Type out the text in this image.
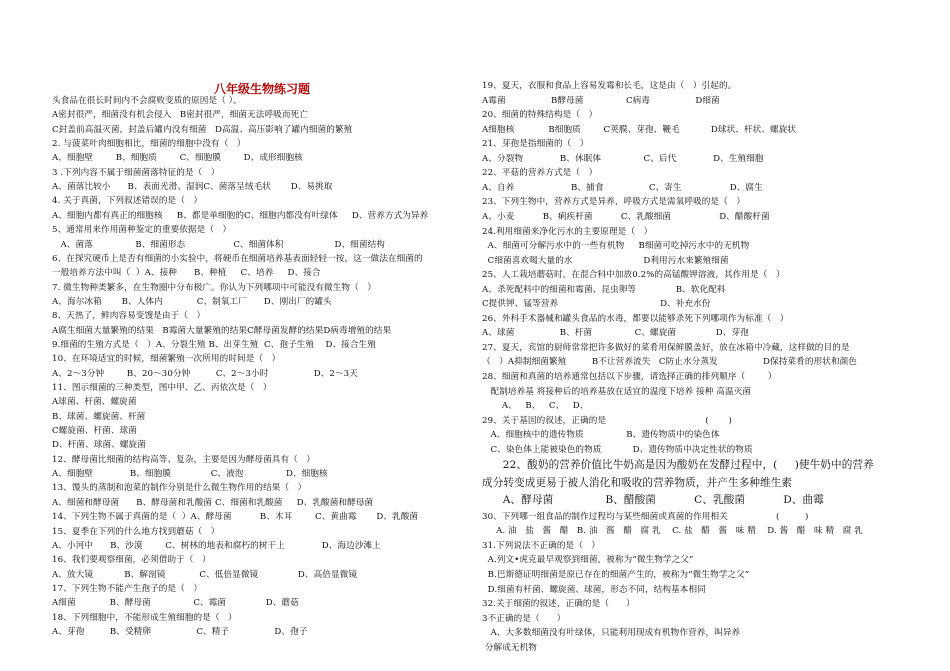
八年级生物练习题
头食品在很长时间内不会腐败变质的原因是（ ）。
A密封很严，细菌没有机会侵入   B密封很严，细菌无法呼吸而死亡
C封盖前高温灭菌，封盖后罐内没有细菌   D高温、高压影响了罐内细菌的繁殖
2. 与菠菜叶肉细胞相比，细菌的细胞中没有（   ）
A、细胞壁        B、细胞质        C、细胞膜        D、成形细胞核
3 .下列内容不属于细菌菌落特征的是（   ）
A、菌落比较小      B、表面光滑、湿润C、菌落呈绒毛状       D、易挑取
4. 关于真菌，下列叙述错误的是（   ）
A、细胞内都有真正的细胞核     B、都是单细胞的C、细胞内都没有叶绿体     D、营养方式为异养
5、通常用来作用菌种鉴定的重要依据是（   ）
A、菌落               B、细菌形态                 C、细菌体积                  D、细菌结构
6、在探究硬币上是否有细菌的小实验中，将硬币在细菌培养基表面轻轻一按，这一做法在细菌的
一般培养方法中叫（  ）A、接种      B、种植     C、培养     D、接合
7. 微生物种类繁多，在生物圈中分布极广。你认为下列哪项中可能没有微生物（   ）
A、海尔冰箱       B、人体内            C、制氧工厂      D、刚出厂的罐头
8、天热了，鲜肉容易变馊是由于（   ）
A腐生细菌大量繁殖的结果   B霉菌大量繁殖的结果C酵母菌发酵的结果D病毒增殖的结果
9.细菌的生殖方式是（   ）A、分裂生殖 B、出芽生殖  C、孢子生殖    D、接合生殖
10、在环境适宜的时候，细菌繁殖一次所用的时间是（   ）
A、2～3分钟        B、20～30分钟         C、2～3小时                D、2～3天
11、图示细菌的三种类型，图中甲、乙、丙依次是（   ）
A球菌、杆菌、螺旋菌
B、球菌、螺旋菌、杆菌
C螺旋菌、杆菌、球菌
D、杆菌、球菌、螺旋菌
12、酵母菌比细菌的结构高等、复杂，主要是因为酵母菌具有（   ）
A、细胞壁             B、细胞膜              C、液泡               D、细胞核
13、馒头的蒸制和泡菜的制作分别是什么微生物作用的结果（   ）
A、细菌和酵母菌      B、酵母菌和乳酸菌 C、细菌和乳酸菌     D、乳酸菌和酵母菌
14、下列生物不属于真菌的是（  ）A、酵母菌          B、木耳        C、黄曲霉       D、乳酸菌
15、夏季在下列的什么地方找到蘑菇（   ）
A、小河中      B、沙漠        C、树林的地表和腐朽的树干上             D、海边沙滩上
16、我们要观察细菌，必须借助于（   ）
A、放大镜           B、解剖镜            C、低倍显微镜              D、高倍显微镜
17、下列生物不能产生孢子的是（   ）
A细菌            B、酵母菌               C、霉菌              D、蘑菇
18、下列细胞中，不能形成生殖细胞的是（   ）
A、芽孢         B、受精卵                C、精子                D、孢子
19、夏天，衣服和食品上容易发霉和长毛，这是由（   ）引起的。
A霉菌                B酵母菌               C病毒                D细菌
20、细菌的特殊结构是（   ）
A细胞核            B细胞质        C荚膜、芽孢、鞭毛           D球状、杆状、螺旋状
21、芽孢是指细菌的（   ）
A、分裂物             B、休眠体               C、后代             D、生殖细胞
22、平菇的营养方式是（   ）
A、自养                    B、捕食                C、寄生                 D、腐生
23、下列生物中，营养方式是异养，呼吸方式是需氧呼吸的是（   ）
A、小麦          B、痢疾杆菌          C、乳酸细菌                 D、醋酸杆菌
24.利用细菌来净化污水的主要原理是（   ）
A、细菌可分解污水中的一些有机物     B细菌可吃掉污水中的无机物
C细菌喜欢喝大量的水                         D利用污水来繁殖细菌
25、人工栽培蘑菇时，在混合料中加放0.2%的高锰酸钾溶液，其作用是（   ）
A、杀死配料中的细菌和霉菌、昆虫卵等              B、软化配料
C提供钾、锰等营养                                    D、补充水份
26、外科手术器械和罐头食品的水毒，都要以能够杀死下列哪项作为标准（   ）
A、球菌                B、杆菌               C、螺旋菌              D、芽孢
27、夏天，宾馆的厨师常常把许多做好的菜肴用保鲜膜盖好，放在冰箱中冷藏，这样做的目的是
（   ）A抑制细菌繁殖         B不让营养流失   C防止水分蒸发                D保持菜肴的形状和颜色
28、细菌和真菌的培养通常包括以下步骤，请选择正确的排列顺序（        ）
配制培养基 将接种后的培养基放在适宜的温度下培养 接种 高温灭菌
A、   B、   C、   D、
29、关于基因的叙述，正确的是                                   (       )
A、细胞核中的遗传物质               B、遗传物质中的染色体
C、染色体上能被染色的物质           D、遗传物质中决定性状的物质
22、酸奶的营养价值比牛奶高是因为酸奶在发酵过程中，(     )使牛奶中的营养
成分转变成更易于被人消化和吸收的营养物质，并产生多种维生素
A、酵母菌               B、醋酸菌           C、乳酸菌           D、曲霉
30、下列哪一组食品的制作过程均与某些细菌或真菌的作用相关                 (         )
A. 油   盐   酱   醋   B. 油   酱   醋   腐 乳    C. 盐   醋   酱   味 精    D. 酱   醋   味 精   腐 乳
31.下列说法不正确的是（   ）
A.列文•虎克最早观察到细菌，被称为“微生物学之父”
B.巴斯德证明细菌是原已存在的细菌产生的，被称为“微生物学之父”
D.细菌有杆菌、螺旋菌、球菌，形态不同，结构基本相同
32.关于细菌的叙述，正确的是（      ）
3不正确的是（      ）
A、大多数细菌没有叶绿体，只能利用现成有机物作营养，叫异养
分解成无机物
